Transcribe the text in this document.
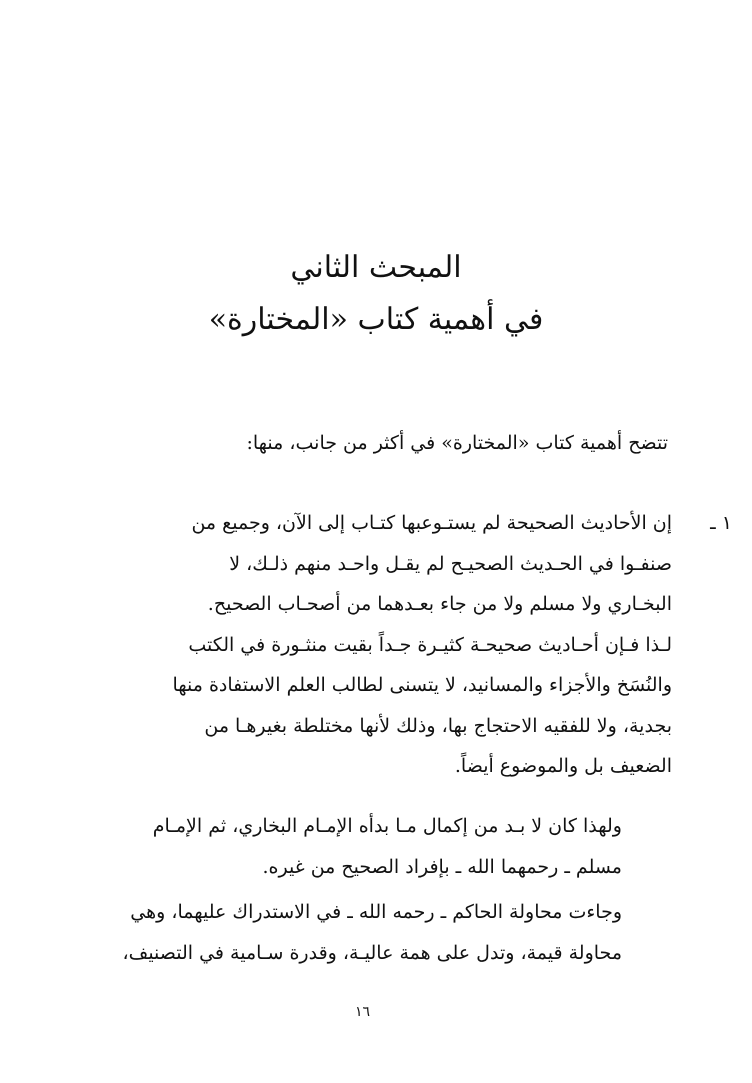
المبحث الثاني
في أهمية كتاب «المختارة»
تتضح أهمية كتاب «المختارة» في أكثر من جانب، منها:
١ ـ
إن الأحاديث الصحيحة لم يستـوعبها كتـاب إلى الآن، وجميع من
صنفـوا في الحـديث الصحيـح لم يقـل واحـد منهم ذلـك، لا
البخـاري ولا مسلم ولا من جاء بعـدهما من أصحـاب الصحيح.
لـذا فـإن أحـاديث صحيحـة كثيـرة جـداً بقيت منثـورة في الكتب
والنُسَخ والأجزاء والمسانيد، لا يتسنى لطالب العلم الاستفادة منها
بجدية، ولا للفقيه الاحتجاج بها، وذلك لأنها مختلطة بغيرهـا من
الضعيف بل والموضوع أيضاً.
ولهذا كان لا بـد من إكمال مـا بدأه الإمـام البخاري، ثم الإمـام
مسلم ـ رحمهما الله ـ بإفراد الصحيح من غيره.
وجاءت محاولة الحاكم ـ رحمه الله ـ في الاستدراك عليهما، وهي
محاولة قيمة، وتدل على همة عاليـة، وقدرة سـامية في التصنيف،
١٦
